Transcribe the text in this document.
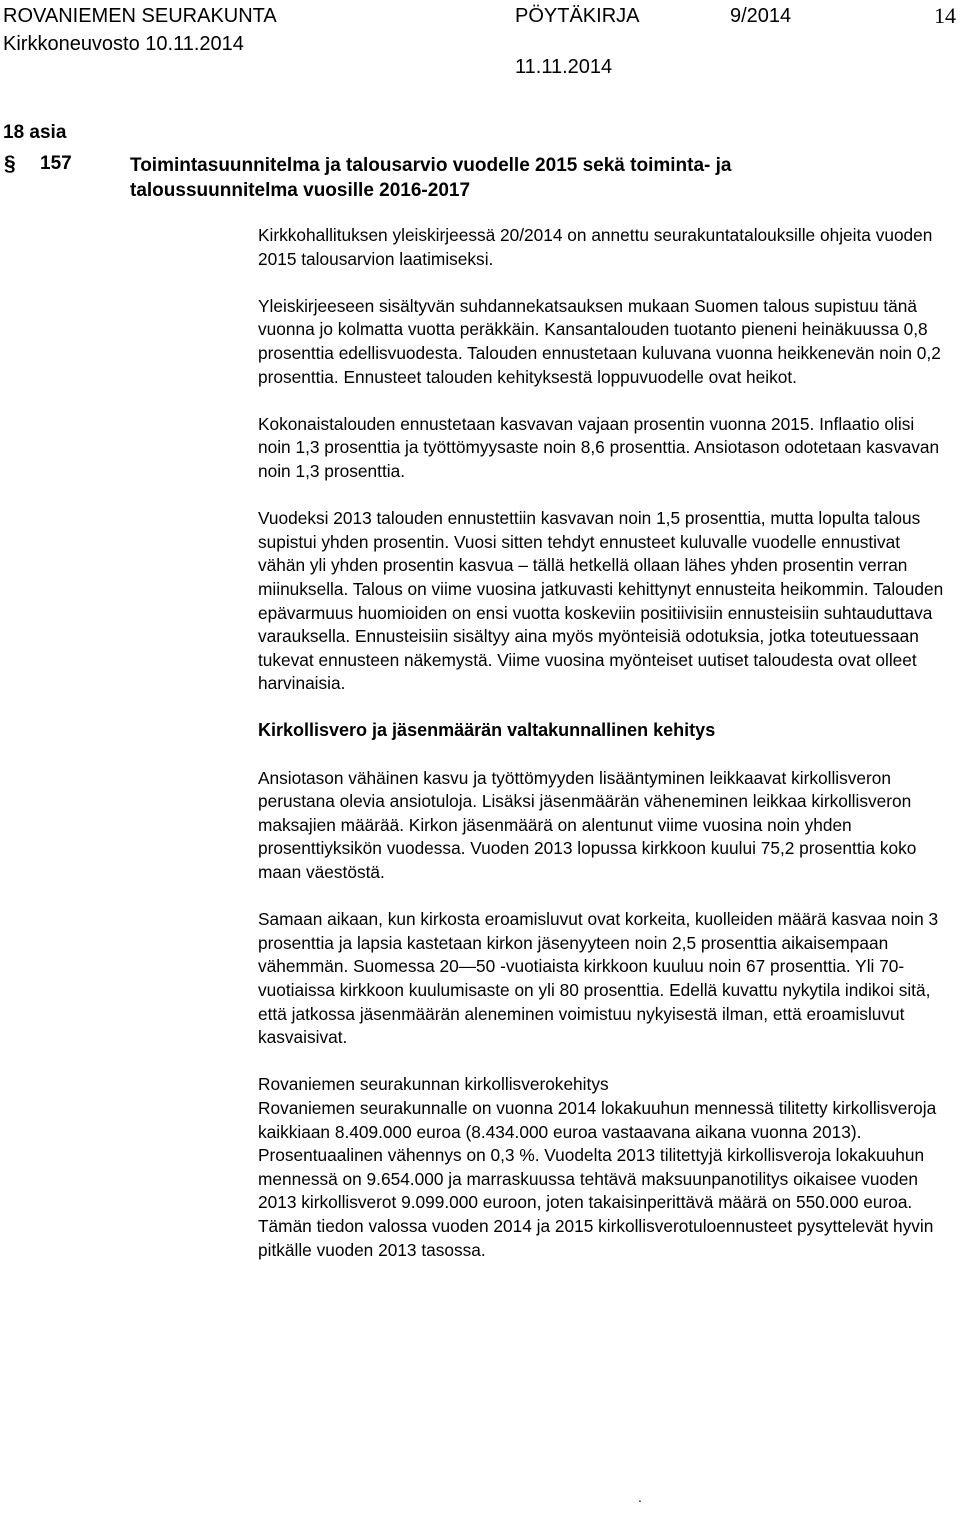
ROVANIEMEN SEURAKUNTA	PÖYTÄKIRJA	9/2014	14
Kirkkoneuvosto 10.11.2014
11.11.2014
18 asia
§ 157	Toimintasuunnitelma ja talousarvio vuodelle 2015 sekä toiminta- ja taloussuunnitelma vuosille 2016-2017

Kirkkohallituksen yleiskirjeessä 20/2014 on annettu seurakuntatalouksille ohjeita vuoden 2015 talousarvion laatimiseksi.

Yleiskirjeeseen sisältyvän suhdannekatsauksen mukaan Suomen talous supistuu tänä vuonna jo kolmatta vuotta peräkkäin. Kansantalouden tuotanto pieneni heinäkuussa 0,8 prosenttia edellisvuodesta. Talouden ennustetaan kuluvana vuonna heikkenevän noin 0,2 prosenttia. Ennusteet talouden kehityksestä loppuvuodelle ovat heikot.

Kokonaistalouden ennustetaan kasvavan vajaan prosentin vuonna 2015. Inflaatio olisi noin 1,3 prosenttia ja työttömyysaste noin 8,6 prosenttia. Ansiotason odotetaan kasvavan noin 1,3 prosenttia.

Vuodeksi 2013 talouden ennustettiin kasvavan noin 1,5 prosenttia, mutta lopulta talous supistui yhden prosentin. Vuosi sitten tehdyt ennusteet kuluvalle vuodelle ennustivat vähän yli yhden prosentin kasvua – tällä hetkellä ollaan lähes yhden prosentin verran miinuksella. Talous on viime vuosina jatkuvasti kehittynyt ennusteita heikommin. Talouden epävarmuus huomioiden on ensi vuotta koskeviin positiivisiin ennusteisiin suhtauduttava varauksella. Ennusteisiin sisältyy aina myös myönteisiä odotuksia, jotka toteutuessaan tukevat ennusteen näkemystä. Viime vuosina myönteiset uutiset taloudesta ovat olleet harvinaisia.

Kirkollisvero ja jäsenmäärän valtakunnallinen kehitys

Ansiotason vähäinen kasvu ja työttömyyden lisääntyminen leikkaavat kirkollisveron perustana olevia ansiotuloja. Lisäksi jäsenmäärän väheneminen leikkaa kirkollisveron maksajien määrää. Kirkon jäsenmäärä on alentunut viime vuosina noin yhden prosenttiyksikön vuodessa. Vuoden 2013 lopussa kirkkoon kuului 75,2 prosenttia koko maan väestöstä.

Samaan aikaan, kun kirkosta eroamisluvut ovat korkeita, kuolleiden määrä kasvaa noin 3 prosenttia ja lapsia kastetaan kirkon jäsenyyteen noin 2,5 prosenttia aikaisempaan vähemmän. Suomessa 20—50 -vuotiaista kirkkoon kuuluu noin 67 prosenttia. Yli 70-vuotiaissa kirkkoon kuulumisaste on yli 80 prosenttia. Edellä kuvattu nykytila indikoi sitä, että jatkossa jäsenmäärän aleneminen voimistuu nykyisestä ilman, että eroamisluvut kasvaisivat.

Rovaniemen seurakunnan kirkollisverokehitys
Rovaniemen seurakunnalle on vuonna 2014 lokakuuhun mennessä tilitetty kirkollisveroja kaikkiaan 8.409.000 euroa (8.434.000 euroa vastaavana aikana vuonna 2013). Prosentuaalinen vähennys on 0,3 %. Vuodelta 2013 tilitettyjä kirkollisveroja lokakuuhun mennessä on 9.654.000 ja marraskuussa tehtävä maksuunpanotilitys oikaisee vuoden 2013 kirkollisverot 9.099.000 euroon, joten takaisinperittävä määrä on 550.000 euroa. Tämän tiedon valossa vuoden 2014 ja 2015 kirkollisverotuloennusteet pysyttelevät hyvin pitkälle vuoden 2013 tasossa.

.
